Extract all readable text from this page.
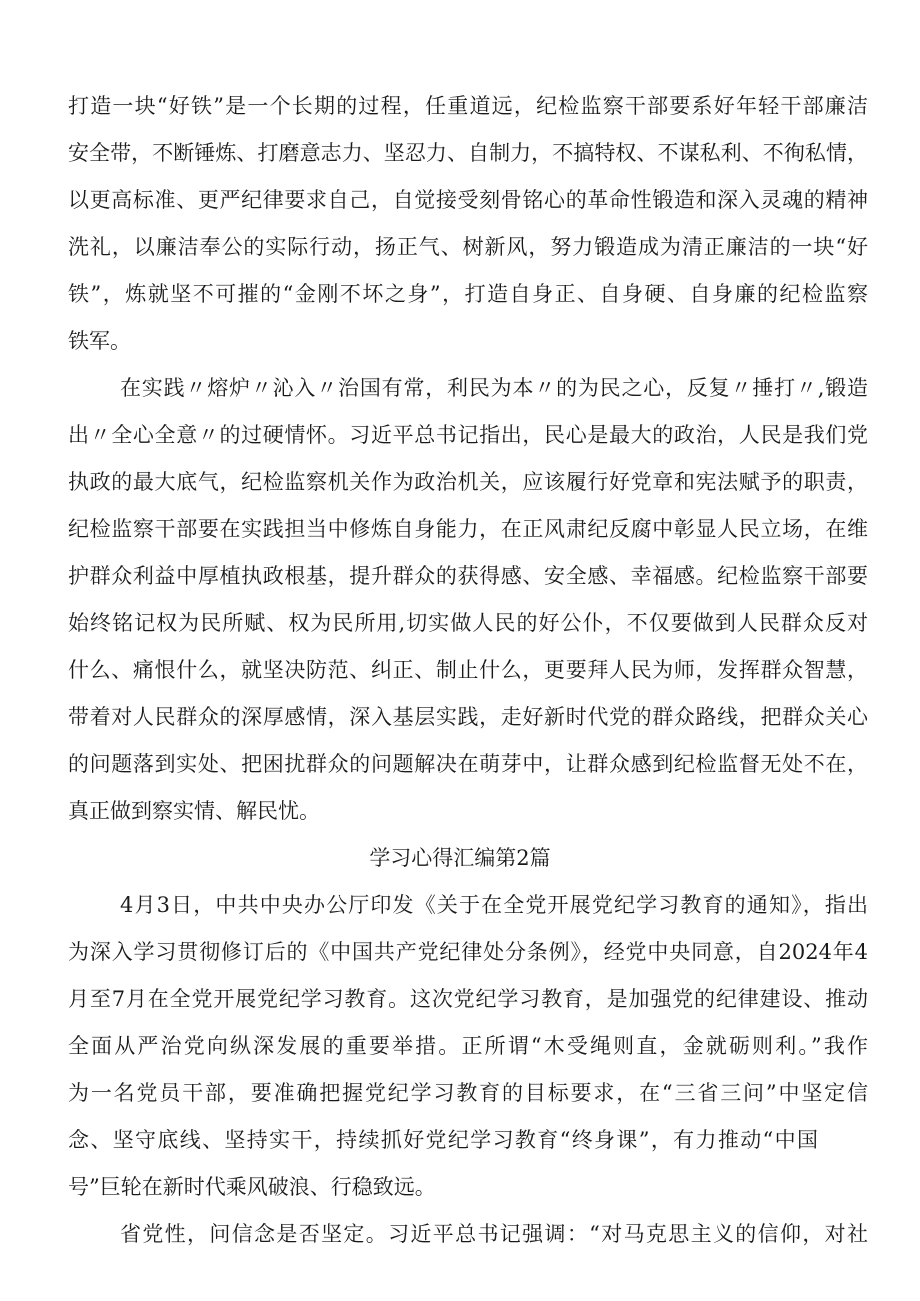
打造一块“好铁”是一个长期的过程，任重道远，纪检监察干部要系好年轻干部廉洁
安全带，不断锤炼、打磨意志力、坚忍力、自制力，不搞特权、不谋私利、不徇私情，
以更高标准、更严纪律要求自己，自觉接受刻骨铭心的革命性锻造和深入灵魂的精神
洗礼，以廉洁奉公的实际行动，扬正气、树新风，努力锻造成为清正廉洁的一块“好
铁”，炼就坚不可摧的“金刚不坏之身”，打造自身正、自身硬、自身廉的纪检监察
铁军。
在实践〃熔炉〃沁入〃治国有常，利民为本〃的为民之心，反复〃捶打〃,锻造
出〃全心全意〃的过硬情怀。习近平总书记指出，民心是最大的政治，人民是我们党
执政的最大底气，纪检监察机关作为政治机关，应该履行好党章和宪法赋予的职责，
纪检监察干部要在实践担当中修炼自身能力，在正风肃纪反腐中彰显人民立场，在维
护群众利益中厚植执政根基，提升群众的获得感、安全感、幸福感。纪检监察干部要
始终铭记权为民所赋、权为民所用,切实做人民的好公仆，不仅要做到人民群众反对
什么、痛恨什么，就坚决防范、纠正、制止什么，更要拜人民为师，发挥群众智慧，
带着对人民群众的深厚感情，深入基层实践，走好新时代党的群众路线，把群众关心
的问题落到实处、把困扰群众的问题解决在萌芽中，让群众感到纪检监督无处不在，
真正做到察实情、解民忧。
学习心得汇编第2篇
4月3日，中共中央办公厅印发《关于在全党开展党纪学习教育的通知》，指出
为深入学习贯彻修订后的《中国共产党纪律处分条例》，经党中央同意，自2024年4
月至7月在全党开展党纪学习教育。这次党纪学习教育，是加强党的纪律建设、推动
全面从严治党向纵深发展的重要举措。正所谓“木受绳则直，金就砺则利。”我作
为一名党员干部，要准确把握党纪学习教育的目标要求，在“三省三问”中坚定信
念、坚守底线、坚持实干，持续抓好党纪学习教育“终身课”，有力推动“中国
号”巨轮在新时代乘风破浪、行稳致远。
省党性，问信念是否坚定。习近平总书记强调：“对马克思主义的信仰，对社
